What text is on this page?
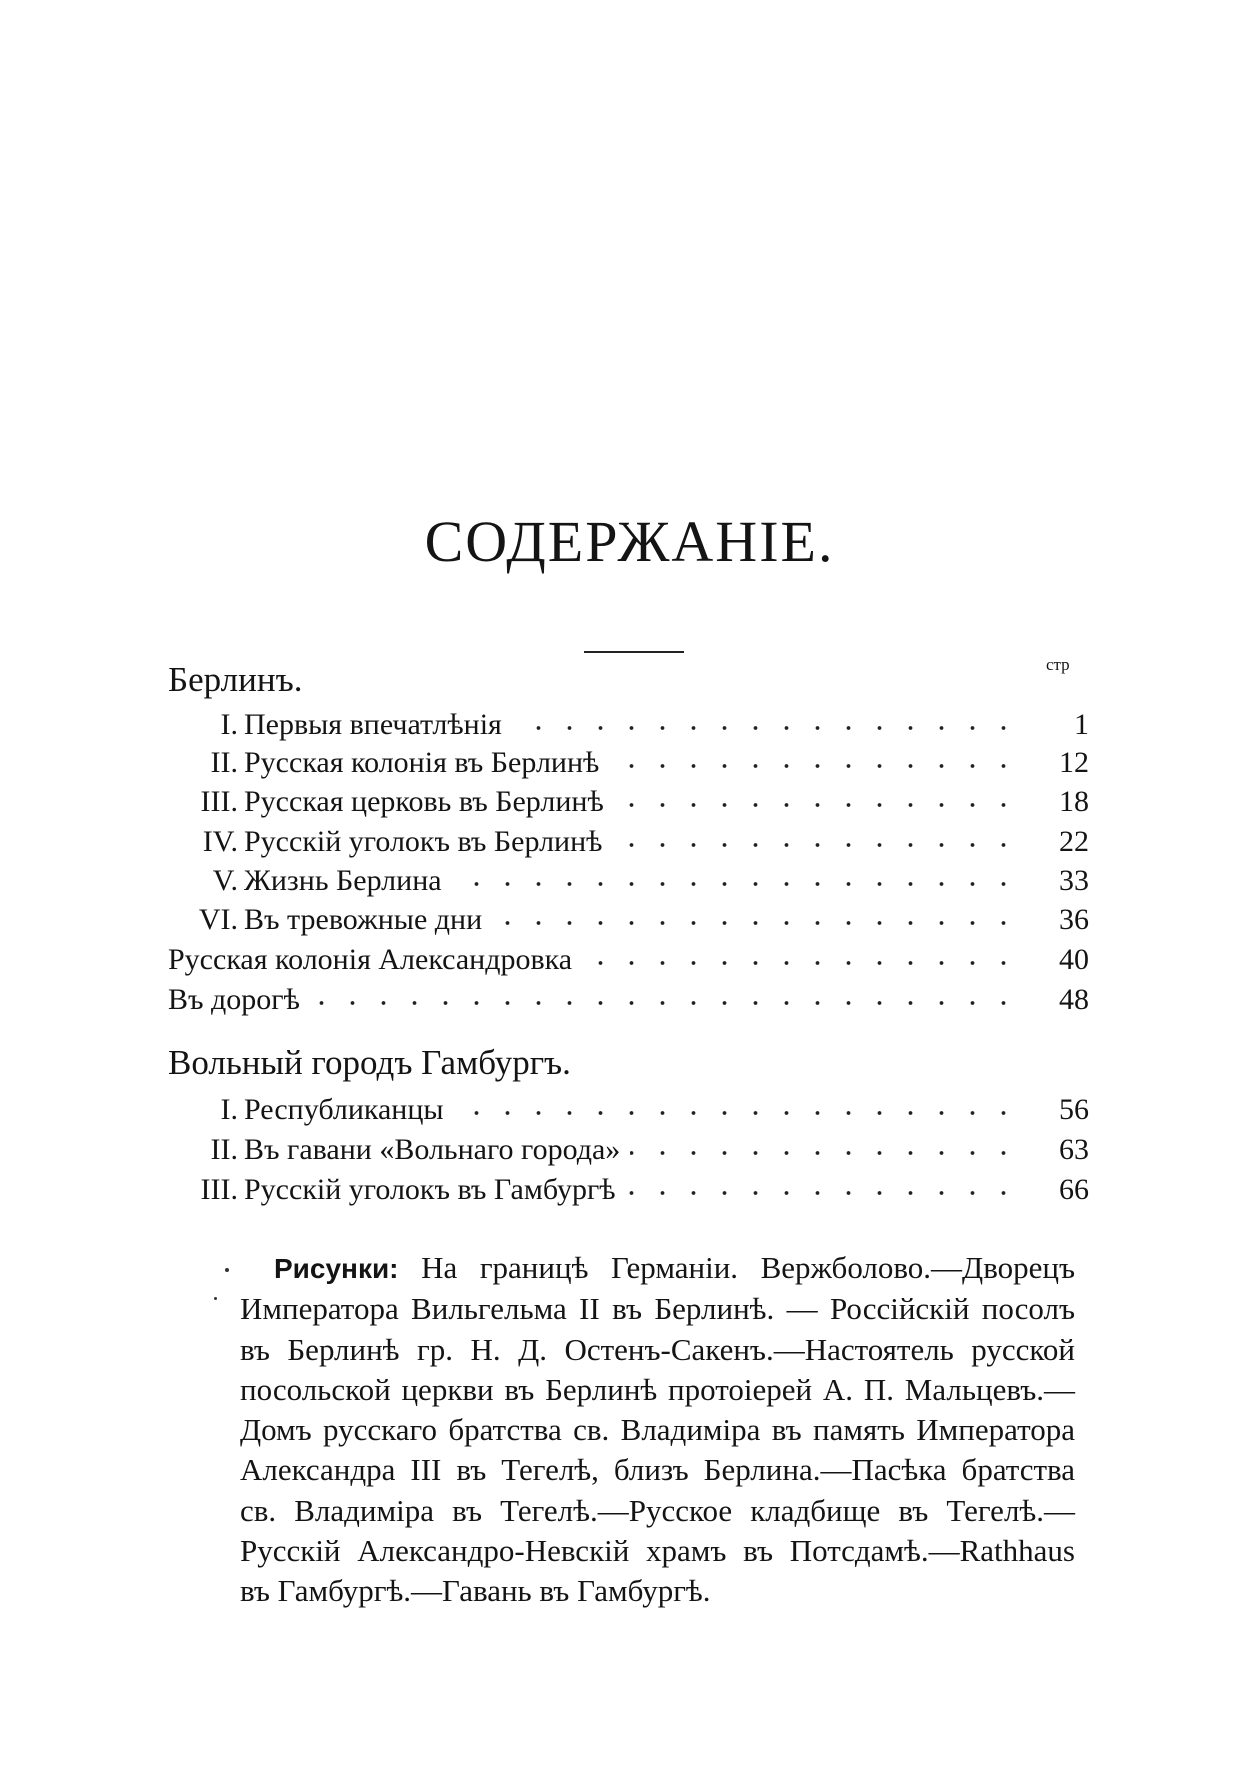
СОДЕРЖАНІЕ.
стр
Берлинъ.
I. Первыя впечатлѣнія	1
II. Русская колонія въ Берлинѣ	12
III. Русская церковь въ Берлинѣ	18
IV. Русскій уголокъ въ Берлинѣ	22
V. Жизнь Берлина	33
VI. Въ тревожные дни	36
Русская колонія Александровка	40
Въ дорогѣ	48
Вольный городъ Гамбургъ.
I. Республиканцы	56
II. Въ гавани «Вольнаго города»	63
III. Русскій уголокъ въ Гамбургѣ	66
Рисунки: На границѣ Германіи. Вержболово.—Дворецъ Императора Вильгельма II въ Берлинѣ. — Россійскій посолъ въ Берлинѣ гр. Н. Д. Остенъ-Сакенъ.—Настоятель русской посольской церкви въ Берлинѣ протоіерей А. П. Мальцевъ.—Домъ русскаго братства св. Владиміра въ память Императора Александра III въ Тегелѣ, близъ Берлина.—Пасѣка братства св. Владиміра въ Тегелѣ.—Русское кладбище въ Тегелѣ.—Русскій Александро-Невскій храмъ въ Потсдамѣ.—Rathhaus въ Гамбургѣ.—Гавань въ Гамбургѣ.
